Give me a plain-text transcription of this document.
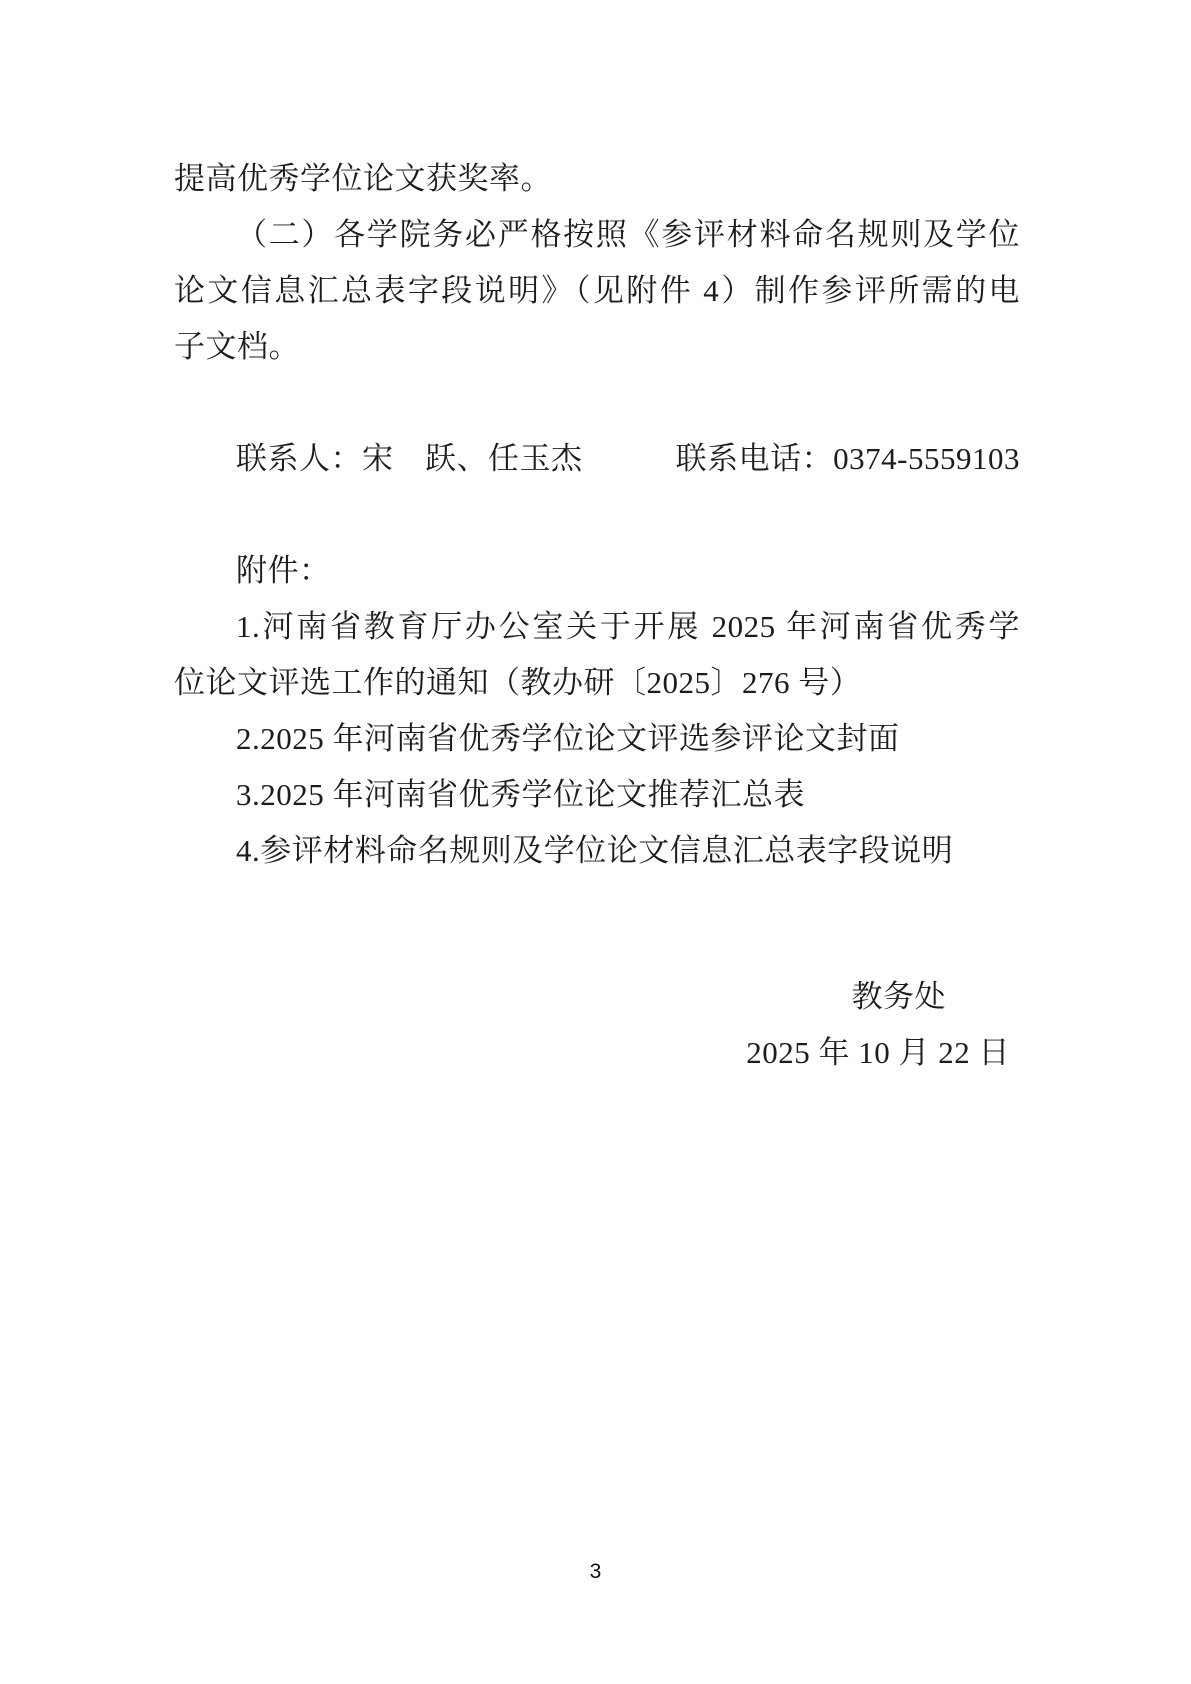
提高优秀学位论文获奖率。
（二）各学院务必严格按照《参评材料命名规则及学位
论文信息汇总表字段说明》（见附件 4）制作参评所需的电
子文档。
联系人：宋　跃、任玉杰	联系电话：0374-5559103
附件：
1.河南省教育厅办公室关于开展 2025 年河南省优秀学
位论文评选工作的通知（教办研〔2025〕276 号）
2.2025 年河南省优秀学位论文评选参评论文封面
3.2025 年河南省优秀学位论文推荐汇总表
4.参评材料命名规则及学位论文信息汇总表字段说明
教务处
2025 年 10 月 22 日
3
